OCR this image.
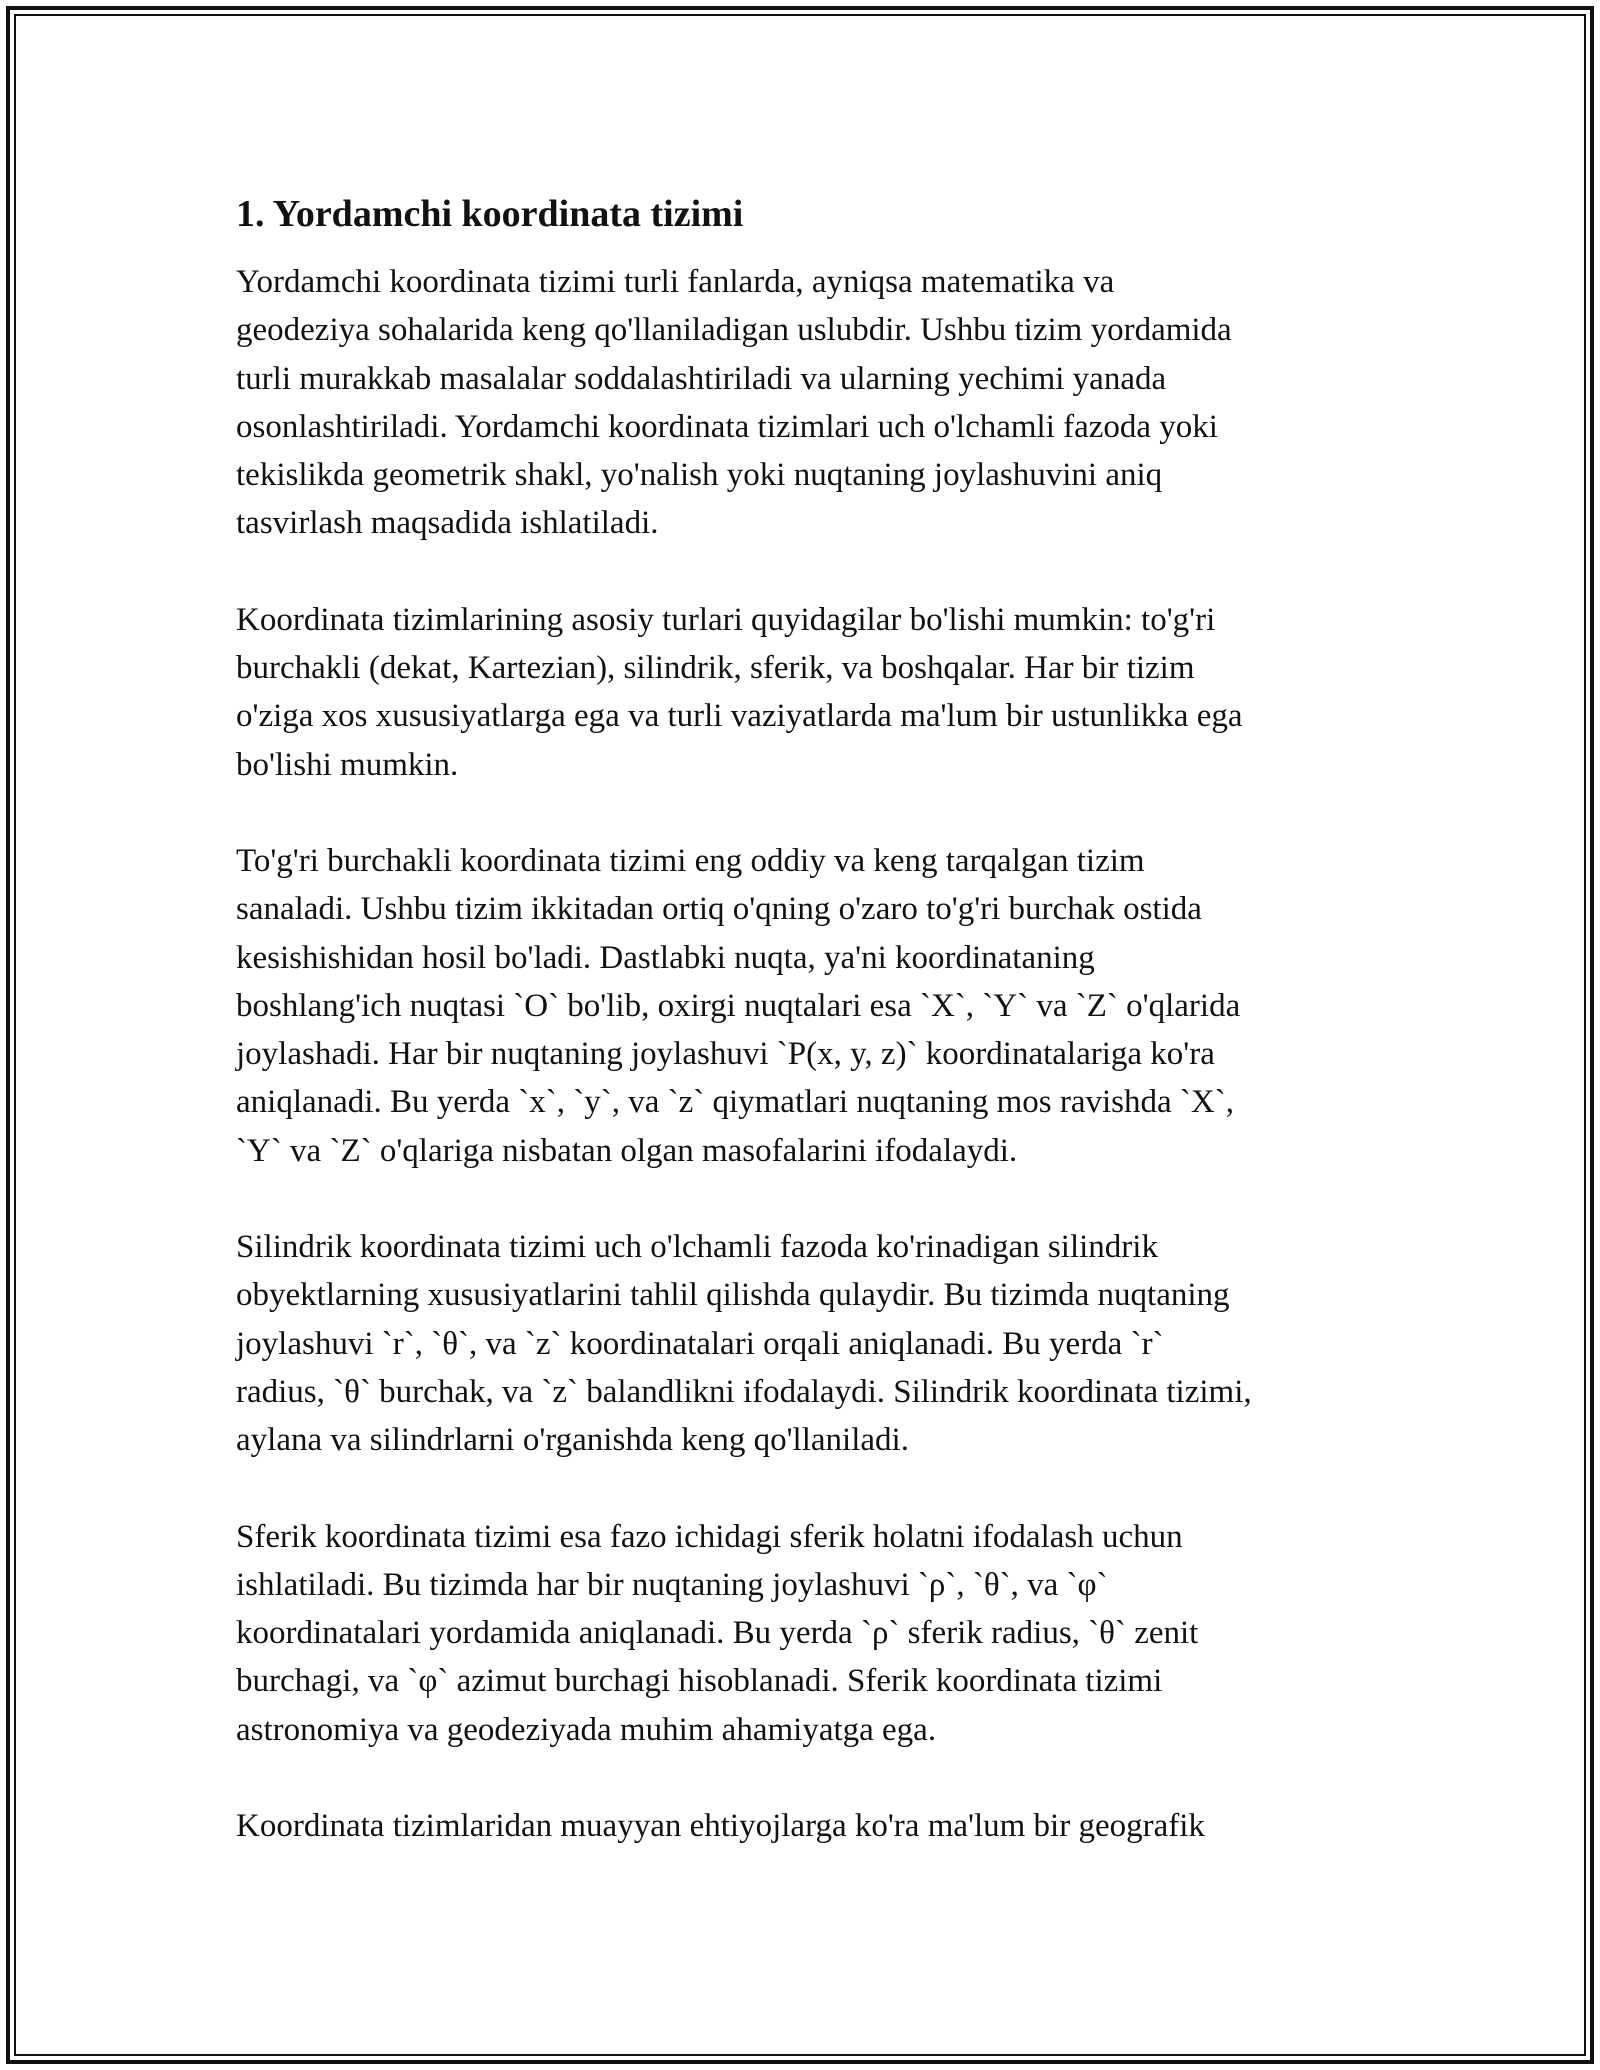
1. Yordamchi koordinata tizimi

Yordamchi koordinata tizimi turli fanlarda, ayniqsa matematika va
geodeziya sohalarida keng qo'llaniladigan uslubdir. Ushbu tizim yordamida
turli murakkab masalalar soddalashtiriladi va ularning yechimi yanada
osonlashtiriladi. Yordamchi koordinata tizimlari uch o'lchamli fazoda yoki
tekislikda geometrik shakl, yo'nalish yoki nuqtaning joylashuvini aniq
tasvirlash maqsadida ishlatiladi.

Koordinata tizimlarining asosiy turlari quyidagilar bo'lishi mumkin: to'g'ri
burchakli (dekat, Kartezian), silindrik, sferik, va boshqalar. Har bir tizim
o'ziga xos xususiyatlarga ega va turli vaziyatlarda ma'lum bir ustunlikka ega
bo'lishi mumkin.

To'g'ri burchakli koordinata tizimi eng oddiy va keng tarqalgan tizim
sanaladi. Ushbu tizim ikkitadan ortiq o'qning o'zaro to'g'ri burchak ostida
kesishishidan hosil bo'ladi. Dastlabki nuqta, ya'ni koordinataning
boshlang'ich nuqtasi `O` bo'lib, oxirgi nuqtalari esa `X`, `Y` va `Z` o'qlarida
joylashadi. Har bir nuqtaning joylashuvi `P(x, y, z)` koordinatalariga ko'ra
aniqlanadi. Bu yerda `x`, `y`, va `z` qiymatlari nuqtaning mos ravishda `X`,
`Y` va `Z` o'qlariga nisbatan olgan masofalarini ifodalaydi.

Silindrik koordinata tizimi uch o'lchamli fazoda ko'rinadigan silindrik
obyektlarning xususiyatlarini tahlil qilishda qulaydir. Bu tizimda nuqtaning
joylashuvi `r`, `θ`, va `z` koordinatalari orqali aniqlanadi. Bu yerda `r`
radius, `θ` burchak, va `z` balandlikni ifodalaydi. Silindrik koordinata tizimi,
aylana va silindrlarni o'rganishda keng qo'llaniladi.

Sferik koordinata tizimi esa fazo ichidagi sferik holatni ifodalash uchun
ishlatiladi. Bu tizimda har bir nuqtaning joylashuvi `ρ`, `θ`, va `φ`
koordinatalari yordamida aniqlanadi. Bu yerda `ρ` sferik radius, `θ` zenit
burchagi, va `φ` azimut burchagi hisoblanadi. Sferik koordinata tizimi
astronomiya va geodeziyada muhim ahamiyatga ega.

Koordinata tizimlaridan muayyan ehtiyojlarga ko'ra ma'lum bir geografik
